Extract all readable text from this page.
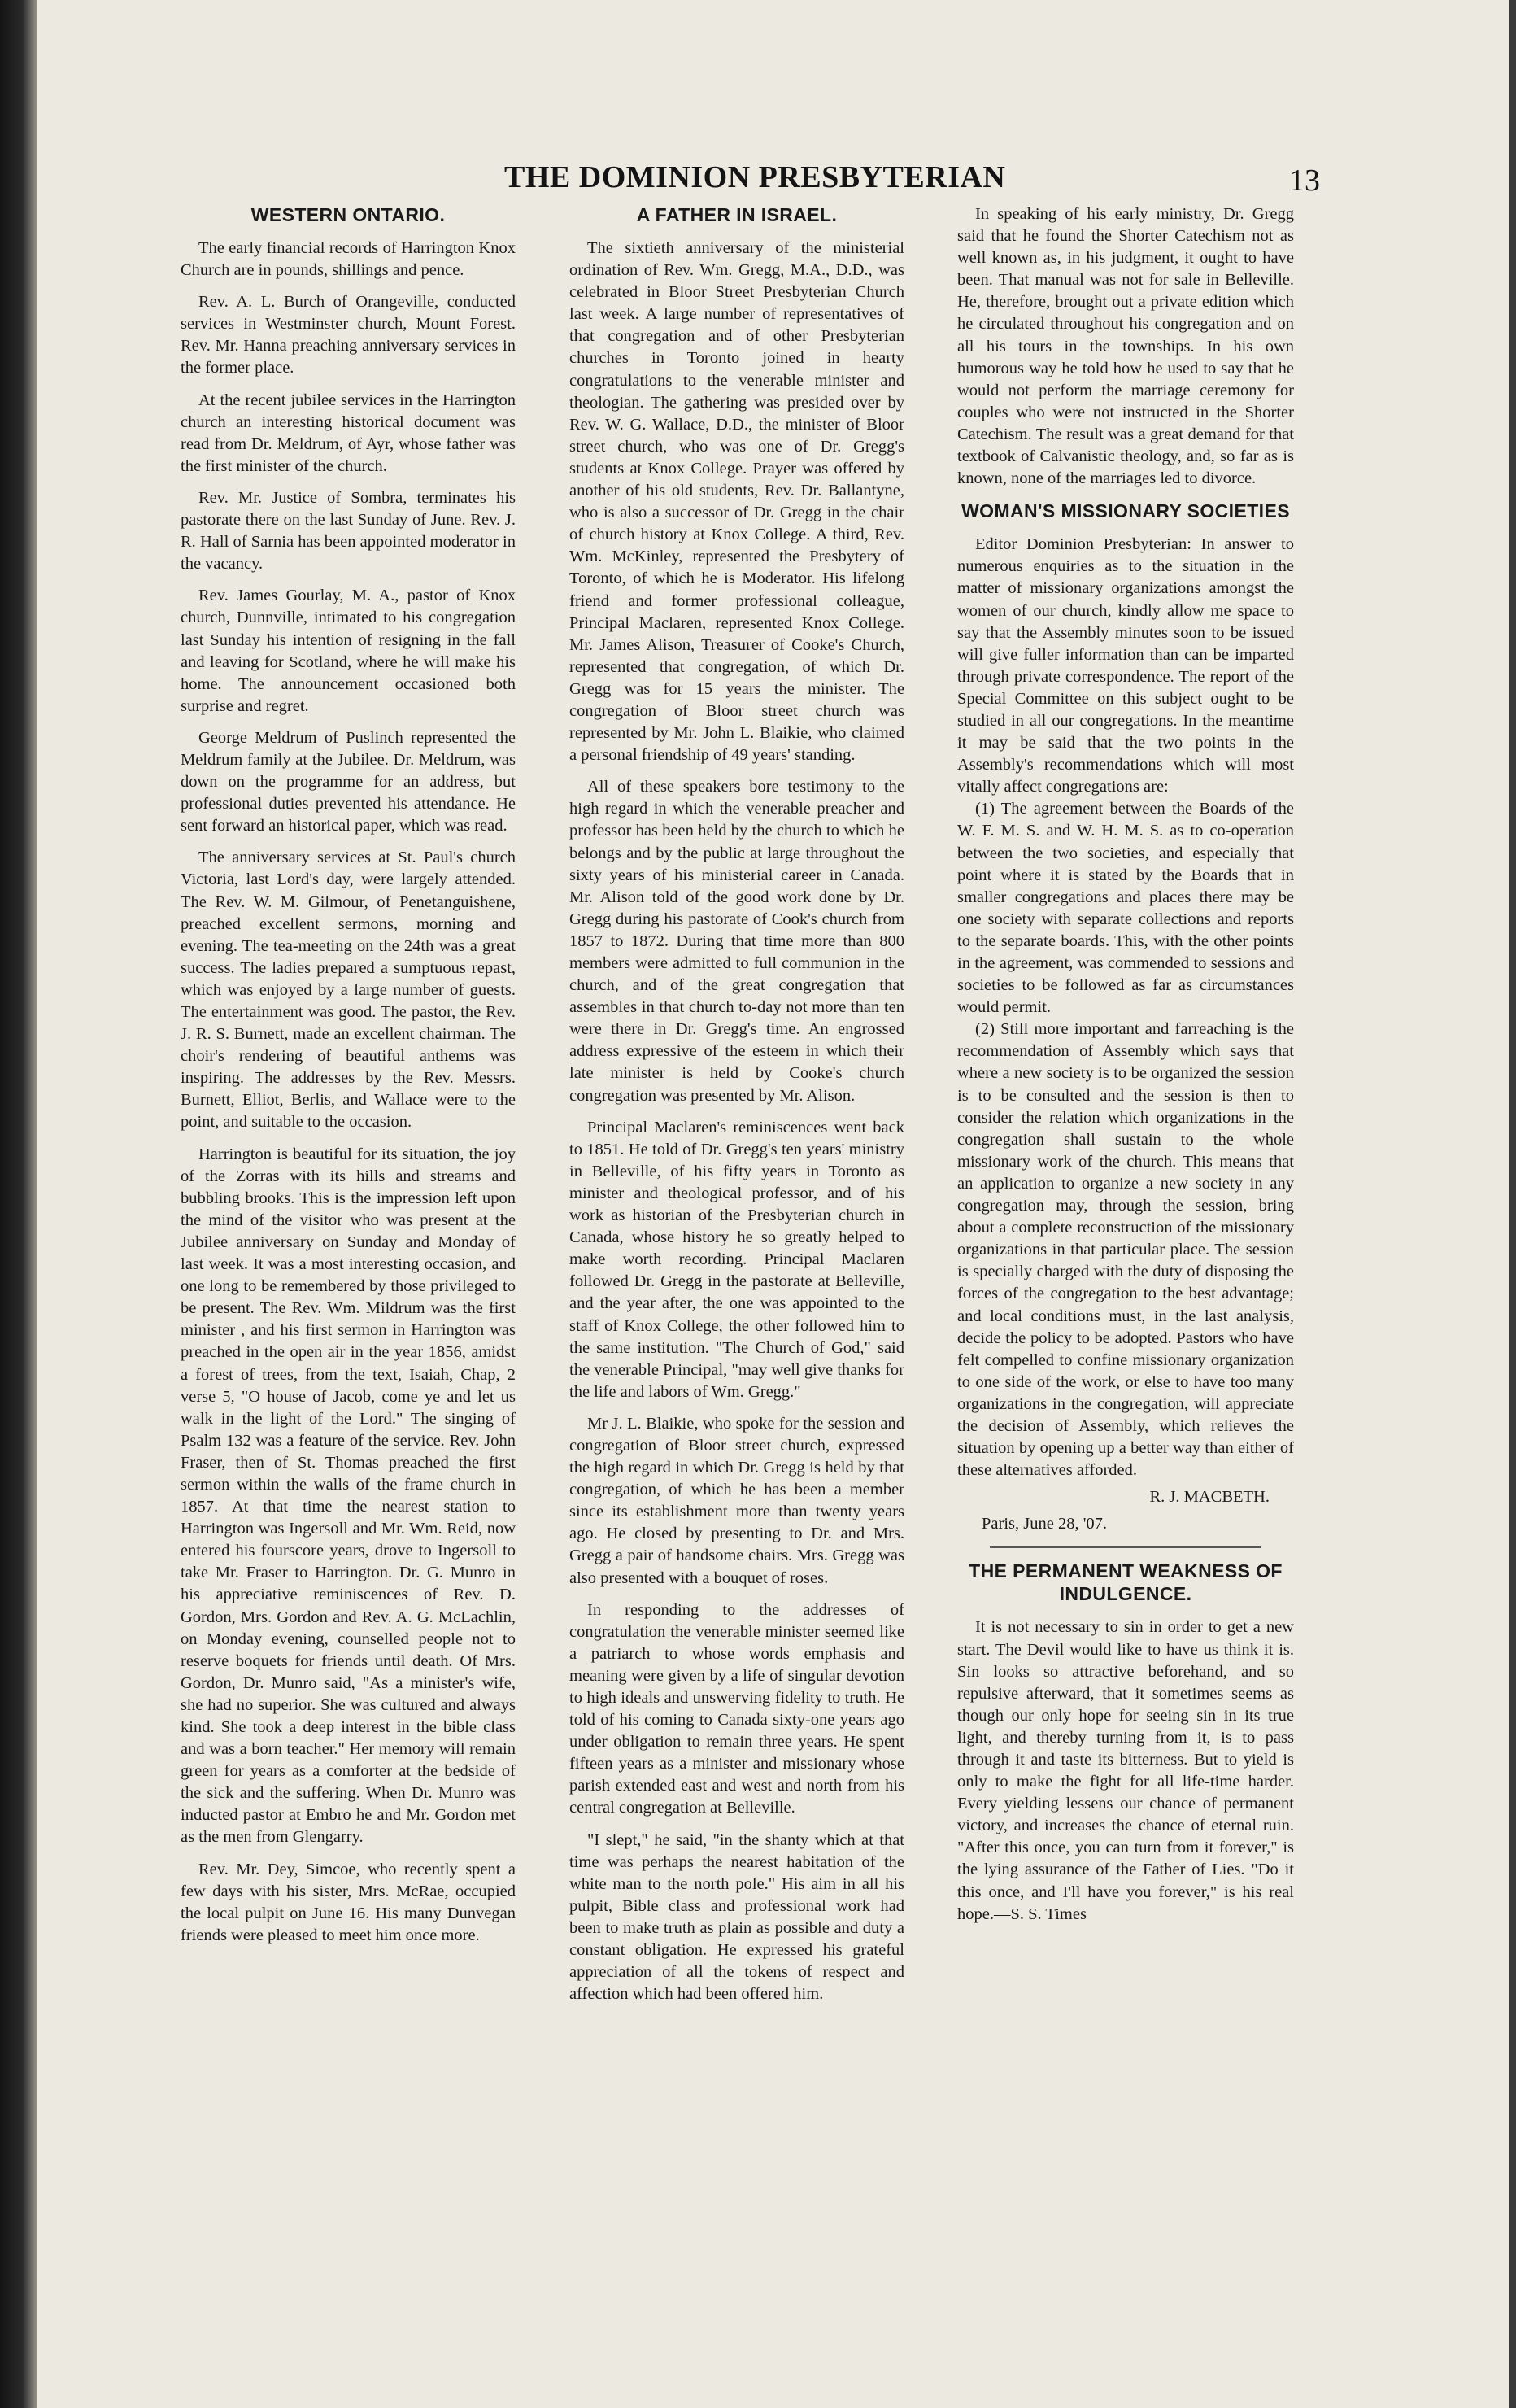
THE DOMINION PRESBYTERIAN	13
WESTERN ONTARIO.

The early financial records of Harrington Knox Church are in pounds, shillings and pence.

Rev. A. L. Burch of Orangeville, conducted services in Westminster church, Mount Forest. Rev. Mr. Hanna preaching anniversary services in the former place.

At the recent jubilee services in the Harrington church an interesting historical document was read from Dr. Meldrum, of Ayr, whose father was the first minister of the church.

Rev. Mr. Justice of Sombra, terminates his pastorate there on the last Sunday of June. Rev. J. R. Hall of Sarnia has been appointed moderator in the vacancy.

Rev. James Gourlay, M. A., pastor of Knox church, Dunnville, intimated to his congregation last Sunday his intention of resigning in the fall and leaving for Scotland, where he will make his home. The announcement occasioned both surprise and regret.

George Meldrum of Puslinch represented the Meldrum family at the Jubilee. Dr. Meldrum, was down on the programme for an address, but professional duties prevented his attendance. He sent forward an historical paper, which was read.

The anniversary services at St. Paul's church Victoria, last Lord's day, were largely attended. The Rev. W. M. Gilmour, of Penetanguishene, preached excellent sermons, morning and evening. The tea-meeting on the 24th was a great success. The ladies prepared a sumptuous repast, which was enjoyed by a large number of guests. The entertainment was good. The pastor, the Rev. J. R. S. Burnett, made an excellent chairman. The choir's rendering of beautiful anthems was inspiring. The addresses by the Rev. Messrs. Burnett, Elliot, Berlis, and Wallace were to the point, and suitable to the occasion.

Harrington is beautiful for its situation, the joy of the Zorras with its hills and streams and bubbling brooks. This is the impression left upon the mind of the visitor who was present at the Jubilee anniversary on Sunday and Monday of last week. It was a most interesting occasion, and one long to be remembered by those privileged to be present. The Rev. Wm. Mildrum was the first minister , and his first sermon in Harrington was preached in the open air in the year 1856, amidst a forest of trees, from the text, Isaiah, Chap, 2 verse 5, "O house of Jacob, come ye and let us walk in the light of the Lord." The singing of Psalm 132 was a feature of the service. Rev. John Fraser, then of St. Thomas preached the first sermon within the walls of the frame church in 1857. At that time the nearest station to Harrington was Ingersoll and Mr. Wm. Reid, now entered his fourscore years, drove to Ingersoll to take Mr. Fraser to Harrington. Dr. G. Munro in his appreciative reminiscences of Rev. D. Gordon, Mrs. Gordon and Rev. A. G. McLachlin, on Monday evening, counselled people not to reserve boquets for friends until death. Of Mrs. Gordon, Dr. Munro said, "As a minister's wife, she had no superior. She was cultured and always kind. She took a deep interest in the bible class and was a born teacher." Her memory will remain green for years as a comforter at the bedside of the sick and the suffering. When Dr. Munro was inducted pastor at Embro he and Mr. Gordon met as the men from Glengarry.

Rev. Mr. Dey, Simcoe, who recently spent a few days with his sister, Mrs. McRae, occupied the local pulpit on June 16. His many Dunvegan friends were pleased to meet him once more.

A FATHER IN ISRAEL.

The sixtieth anniversary of the ministerial ordination of Rev. Wm. Gregg, M.A., D.D., was celebrated in Bloor Street Presbyterian Church last week. A large number of representatives of that congregation and of other Presbyterian churches in Toronto joined in hearty congratulations to the venerable minister and theologian. The gathering was presided over by Rev. W. G. Wallace, D.D., the minister of Bloor street church, who was one of Dr. Gregg's students at Knox College. Prayer was offered by another of his old students, Rev. Dr. Ballantyne, who is also a successor of Dr. Gregg in the chair of church history at Knox College. A third, Rev. Wm. McKinley, represented the Presbytery of Toronto, of which he is Moderator. His lifelong friend and former professional colleague, Principal Maclaren, represented Knox College. Mr. James Alison, Treasurer of Cooke's Church, represented that congregation, of which Dr. Gregg was for 15 years the minister. The congregation of Bloor street church was represented by Mr. John L. Blaikie, who claimed a personal friendship of 49 years' standing.

All of these speakers bore testimony to the high regard in which the venerable preacher and professor has been held by the church to which he belongs and by the public at large throughout the sixty years of his ministerial career in Canada. Mr. Alison told of the good work done by Dr. Gregg during his pastorate of Cook's church from 1857 to 1872. During that time more than 800 members were admitted to full communion in the church, and of the great congregation that assembles in that church to-day not more than ten were there in Dr. Gregg's time. An engrossed address expressive of the esteem in which their late minister is held by Cooke's church congregation was presented by Mr. Alison.

Principal Maclaren's reminiscences went back to 1851. He told of Dr. Gregg's ten years' ministry in Belleville, of his fifty years in Toronto as minister and theological professor, and of his work as historian of the Presbyterian church in Canada, whose history he so greatly helped to make worth recording. Principal Maclaren followed Dr. Gregg in the pastorate at Belleville, and the year after, the one was appointed to the staff of Knox College, the other followed him to the same institution. "The Church of God," said the venerable Principal, "may well give thanks for the life and labors of Wm. Gregg."

Mr J. L. Blaikie, who spoke for the session and congregation of Bloor street church, expressed the high regard in which Dr. Gregg is held by that congregation, of which he has been a member since its establishment more than twenty years ago. He closed by presenting to Dr. and Mrs. Gregg a pair of handsome chairs. Mrs. Gregg was also presented with a bouquet of roses.

In responding to the addresses of congratulation the venerable minister seemed like a patriarch to whose words emphasis and meaning were given by a life of singular devotion to high ideals and unswerving fidelity to truth. He told of his coming to Canada sixty-one years ago under obligation to remain three years. He spent fifteen years as a minister and missionary whose parish extended east and west and north from his central congregation at Belleville.

"I slept," he said, "in the shanty which at that time was perhaps the nearest habitation of the white man to the north pole." His aim in all his pulpit, Bible class and professional work had been to make truth as plain as possible and duty a constant obligation. He expressed his grateful appreciation of all the tokens of respect and affection which had been offered him.

In speaking of his early ministry, Dr. Gregg said that he found the Shorter Catechism not as well known as, in his judgment, it ought to have been. That manual was not for sale in Belleville. He, therefore, brought out a private edition which he circulated throughout his congregation and on all his tours in the townships. In his own humorous way he told how he used to say that he would not perform the marriage ceremony for couples who were not instructed in the Shorter Catechism. The result was a great demand for that textbook of Calvanistic theology, and, so far as is known, none of the marriages led to divorce.

WOMAN'S MISSIONARY SOCIETIES

Editor Dominion Presbyterian: In answer to numerous enquiries as to the situation in the matter of missionary organizations amongst the women of our church, kindly allow me space to say that the Assembly minutes soon to be issued will give fuller information than can be imparted through private correspondence. The report of the Special Committee on this subject ought to be studied in all our congregations. In the meantime it may be said that the two points in the Assembly's recommendations which will most vitally affect congregations are:

(1) The agreement between the Boards of the W. F. M. S. and W. H. M. S. as to co-operation between the two societies, and especially that point where it is stated by the Boards that in smaller congregations and places there may be one society with separate collections and reports to the separate boards. This, with the other points in the agreement, was commended to sessions and societies to be followed as far as circumstances would permit.

(2) Still more important and farreaching is the recommendation of Assembly which says that where a new society is to be organized the session is to be consulted and the session is then to consider the relation which organizations in the congregation shall sustain to the whole missionary work of the church. This means that an application to organize a new society in any congregation may, through the session, bring about a complete reconstruction of the missionary organizations in that particular place. The session is specially charged with the duty of disposing the forces of the congregation to the best advantage; and local conditions must, in the last analysis, decide the policy to be adopted. Pastors who have felt compelled to confine missionary organization to one side of the work, or else to have too many organizations in the congregation, will appreciate the decision of Assembly, which relieves the situation by opening up a better way than either of these alternatives afforded.

R. J. MACBETH.
Paris, June 28, '07.
THE PERMANENT WEAKNESS OF INDULGENCE.

It is not necessary to sin in order to get a new start. The Devil would like to have us think it is. Sin looks so attractive beforehand, and so repulsive afterward, that it sometimes seems as though our only hope for seeing sin in its true light, and thereby turning from it, is to pass through it and taste its bitterness. But to yield is only to make the fight for all life-time harder. Every yielding lessens our chance of permanent victory, and increases the chance of eternal ruin. "After this once, you can turn from it forever," is the lying assurance of the Father of Lies. "Do it this once, and I'll have you forever," is his real hope.—S. S. Times
